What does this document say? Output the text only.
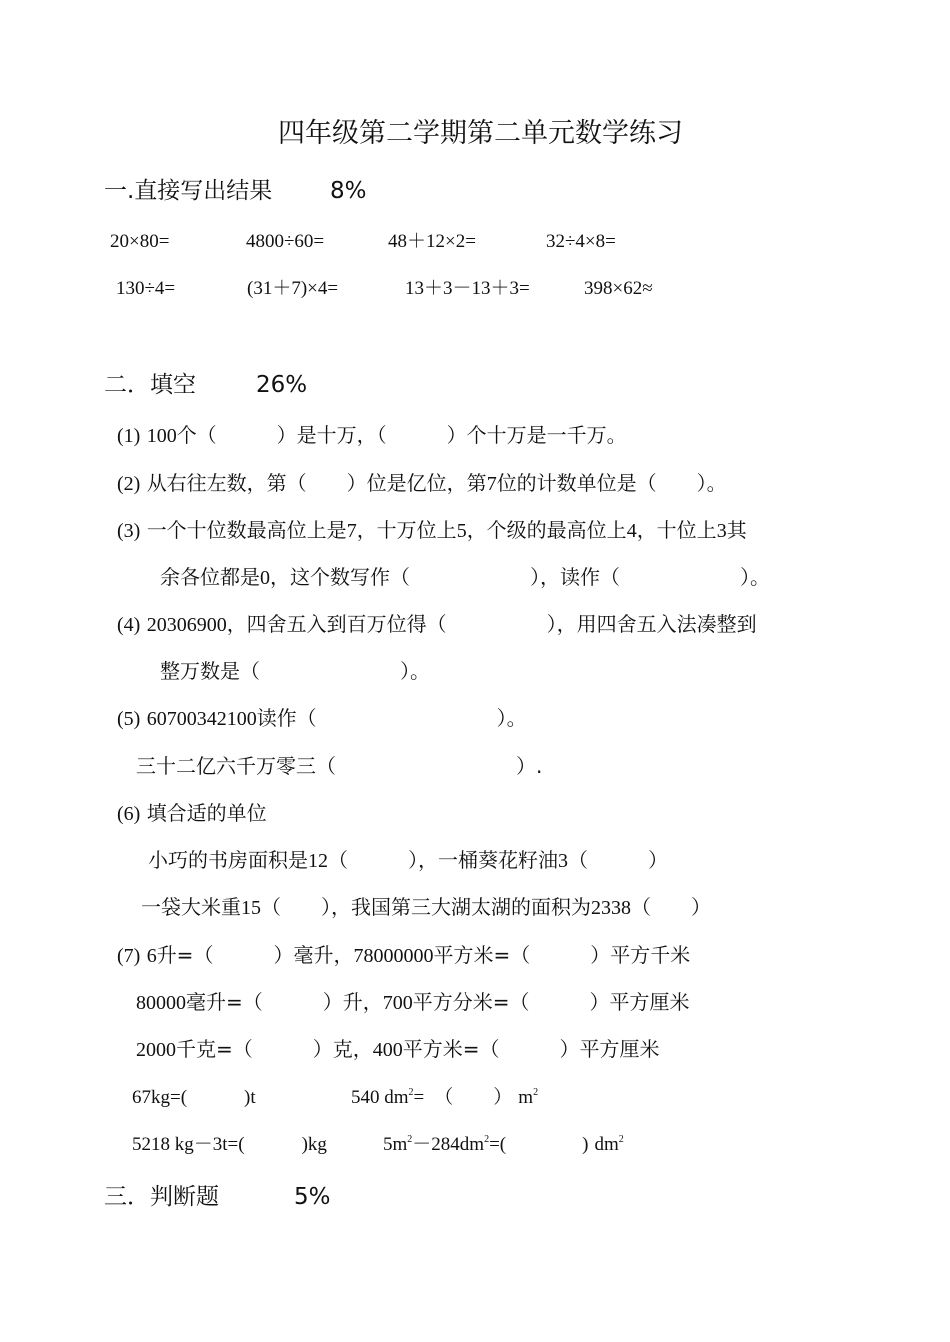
四年级第二学期第二单元数学练习
一.直接写出结果	8%
20×80=	4800÷60=	48＋12×2=	32÷4×8=
130÷4=	(31＋7)×4=	13＋3－13＋3=	398×62≈
二．填空	26%
(1) 100个（　　　）是十万，（　　　）个十万是一千万。
(2) 从右往左数，第（　　）位是亿位，第7位的计数单位是（　　）。
(3) 一个十位数最高位上是7，十万位上5，个级的最高位上4，十位上3其
余各位都是0，这个数写作（　　　　　　），读作（　　　　　　）。
(4) 20306900，四舍五入到百万位得（　　　　　），用四舍五入法凑整到
整万数是（　　　　　　　）。
(5) 60700342100读作（　　　　　　　　　）。
三十二亿六千万零三（　　　　　　　　　）.
(6) 填合适的单位
小巧的书房面积是12（　　　），一桶葵花籽油3（　　　）
一袋大米重15（　　），我国第三大湖太湖的面积为2338（　　）
(7) 6升=（　　　）毫升，78000000平方米=（　　　）平方千米
80000毫升=（　　　）升，700平方分米=（　　　）平方厘米
2000千克=（　　　）克，400平方米=（　　　）平方厘米
67kg=(　　　)t	540 $dm^2=$ （ ） $m^2$
5218 kg－3t=(　　　)kg	$5m^2-284dm^2=$(　　　　) $dm^2$
三．判断题	5%
